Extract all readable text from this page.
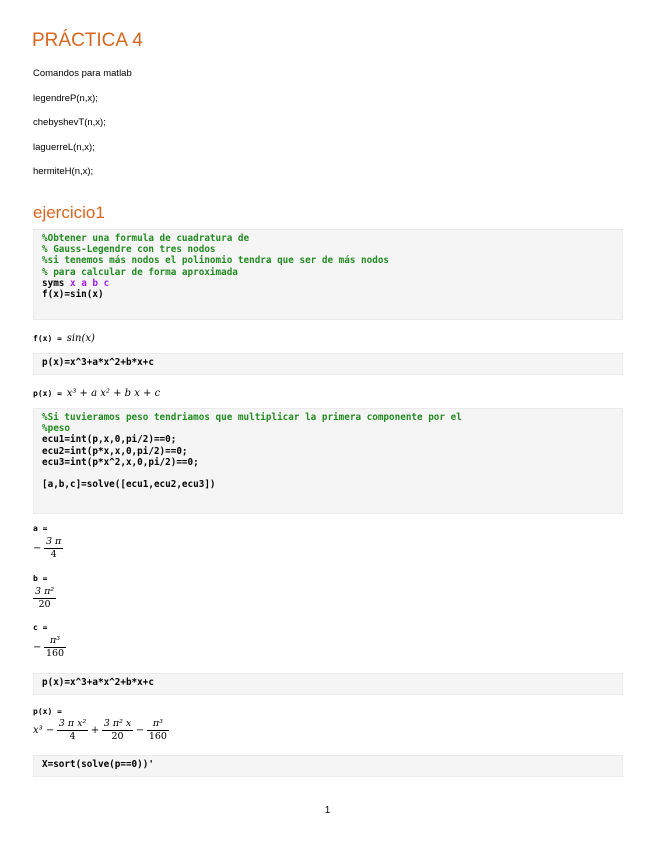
PRÁCTICA 4
Comandos para matlab
legendreP(n,x);
chebyshevT(n,x);
laguerreL(n,x);
hermiteH(n,x);
ejercicio1
%Obtener una formula de cuadratura de
% Gauss-Legendre con tres nodos
%si tenemos más nodos el polinomio tendra que ser de más nodos
% para calcular de forma aproximada
syms x a b c
f(x)=sin(x)
f(x) = sin(x)
p(x)=x^3+a*x^2+b*x+c
p(x) = x³ + a x² + b x + c
%Si tuvieramos peso tendriamos que multiplicar la primera componente por el
%peso
ecu1=int(p,x,0,pi/2)==0;
ecu2=int(p*x,x,0,pi/2)==0;
ecu3=int(p*x^2,x,0,pi/2)==0;

[a,b,c]=solve([ecu1,ecu2,ecu3])
a =
− $\frac{3 \pi}{4}$
b =
$\frac{\text{3 π²}}{20}$
c =
− $\frac{\text{π³}}{160}$
p(x)=x^3+a*x^2+b*x+c
p(x) =
$x^3 - \frac{\text{3 π x²}}{4} + \frac{\text{3 π² x}}{20} - \frac{\text{π³}}{160}$
X=sort(solve(p==0))'
1
